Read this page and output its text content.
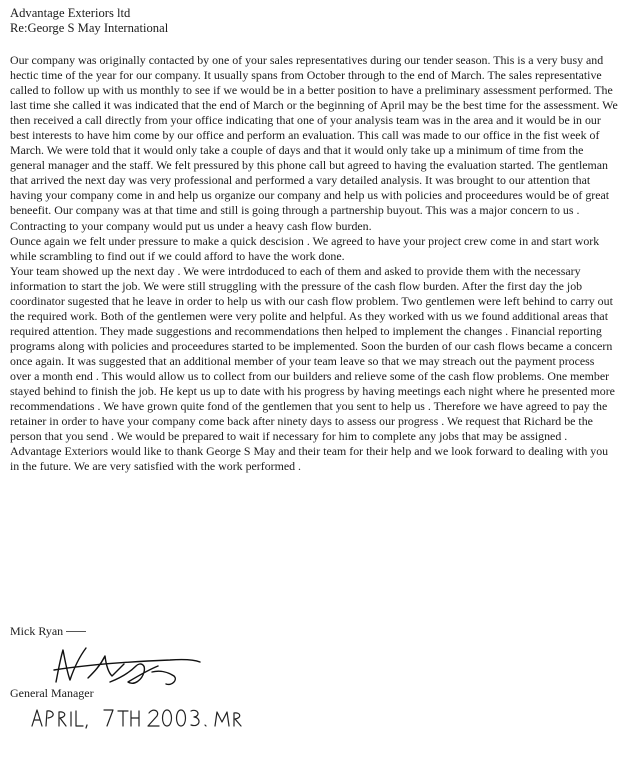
Advantage Exteriors ltd

Re:George S May International

Our company was originally contacted by one of your sales representatives during our tender season. This is a very busy and hectic time of the year for our company. It usually spans from October through to the end of March. The sales representative called to follow up with us monthly to see if we would be in a better position to have a preliminary assessment performed. The last time she called it was indicated that the end of March or the beginning of April may be the best time for the assessment. We then received a call directly from your office indicating that one of your analysis team was in the area and it would be in our best interests to have him come by our office and perform an evaluation. This call was made to our office in the fist week of March. We were told that it would only take a couple of days and that it would only take up a minimum of time from the general manager and the staff. We felt pressured by this phone call but agreed to having the evaluation started. The gentleman that arrived the next day was very professional and performed a vary detailed analysis. It was brought to our attention that having your company come in and help us organize our company and help us with policies and proceedures would be of great beneefit. Our company was at that time and still is going through a partnership buyout. This was a major concern to us . Contracting to your company would put us under a heavy cash flow burden.

Ounce again we felt under pressure to make a quick descision . We agreed to have your project crew come in and start work while scrambling to find out if we could afford to have the work done.

Your team showed up the next day . We were intrdoduced to each of them and asked to provide them with the necessary information to start the job. We were still struggling with the pressure of the cash flow burden. After the first day the job coordinator sugested that he leave in order to help us with our cash flow problem. Two gentlemen were left behind to carry out the required work. Both of the gentlemen were very polite and helpful. As they worked with us we found additional areas that required attention. They made suggestions and recommendations then helped to implement the changes . Financial reporting programs along with policies and proceedures started to be implemented. Soon the burden of our cash flows became a concern once again. It was suggested that an additional member of your team leave so that we may streach out the payment process over a month end . This would allow us to collect from our builders and relieve some of the cash flow problems. One member stayed behind to finish the job. He kept us up to date with his progress by having meetings each night where he presented more recommendations . We have grown quite fond of the gentlemen that you sent to help us . Therefore we have agreed to pay the retainer in order to have your company come back after ninety days to assess our progress . We request that Richard be the person that you send . We would be prepared to wait if necessary for him to complete any jobs that may be assigned .

Advantage Exteriors would like to thank George S May and their team for their help and we look forward to dealing with you in the future. We are very satisfied with the work performed .

Mick Ryan

General Manager
